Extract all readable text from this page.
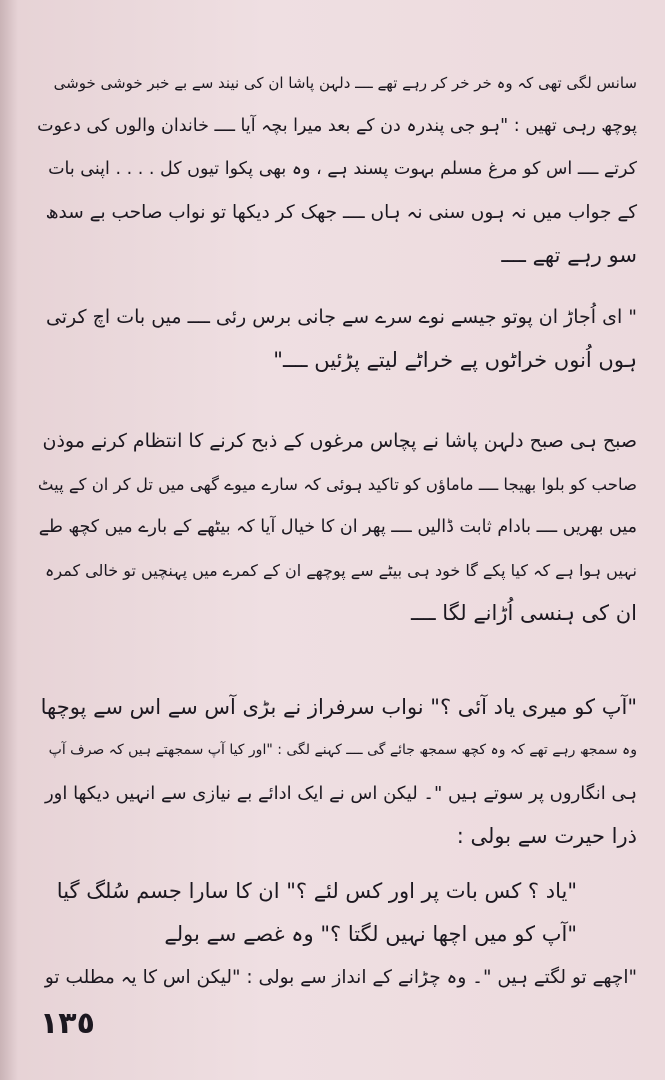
سانس لگی تھی کہ وہ خر خر کر رہے تھے ــــ دلہن پاشا ان کی نیند سے بے خبر خوشی خوشی
پوچھ رہی تھیں : "ہو جی پندرہ دن کے بعد میرا بچہ آیا ــــ خاندان والوں کی دعوت
کرتے ــــ اس کو مرغ مسلم بہوت پسند ہے ، وہ بھی پکوا تیوں کل . . . . اپنی بات
کے جواب میں نہ ہوں سنی نہ ہاں ــــ جھک کر دیکھا تو نواب صاحب بے سدھ
سو رہے تھے ــــ
" ای اُجاڑ ان پوتو جیسے نوے سرے سے جانی برس رئی ــــ میں بات اچ کرتی
ہوں اُنوں خراٹوں پے خراٹے لیتے پڑئیں ــــ"
صبح ہی صبح دلہن پاشا نے پچاس مرغوں کے ذبح کرنے کا انتظام کرنے موذن
صاحب کو بلوا بھیجا ــــ ماماؤں کو تاکید ہوئی کہ سارے میوے گھی میں تل کر ان کے پیٹ
میں بھریں ــــ بادام ثابت ڈالیں ــــ پھر ان کا خیال آیا کہ بیٹھے کے بارے میں کچھ طے
نہیں ہوا ہے کہ کیا پکے گا خود ہی بیٹے سے پوچھے ان کے کمرے میں پہنچیں تو خالی کمرہ
ان کی ہنسی اُڑانے لگا ــــ
"آپ کو میری یاد آئی ؟" نواب سرفراز نے بڑی آس سے اس سے پوچھا
وہ سمجھ رہے تھے کہ وہ کچھ سمجھ جائے گی ــــ کہنے لگی : "اور کیا آپ سمجھتے ہیں کہ صرف آپ
ہی انگاروں پر سوتے ہیں "۔ لیکن اس نے ایک ادائے بے نیازی سے انہیں دیکھا اور
ذرا حیرت سے بولی :
"یاد ؟ کس بات پر اور کس لئے ؟" ان کا سارا جسم سُلگ گیا
"آپ کو میں اچھا نہیں لگتا ؟" وہ غصے سے بولے
"اچھے تو لگتے ہیں "۔ وہ چڑانے کے انداز سے بولی : "لیکن اس کا یہ مطلب تو
١٣٥
